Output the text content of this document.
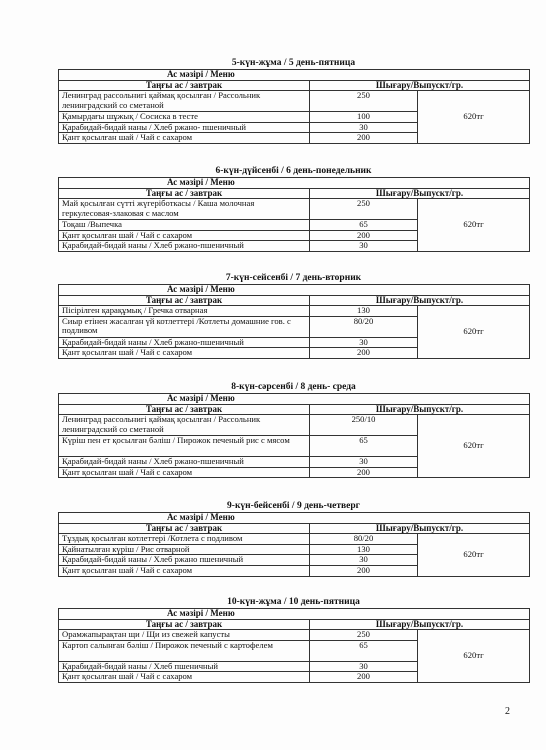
5-күн-жұма / 5 день-пятница
Ас мәзірі / Меню		
Таңғы ас / завтрак	Шығару/Выпускт/гр.	
Ленинград рассольнигі қаймақ қосылған / Рассольник ленинградский со сметаной	250	620тг
Қамырдағы шұжық / Сосиска в тесте	100	
Қарабидай-бидай наны / Хлеб ржано- пшеничный	30	
Қант қосылған шай / Чай с сахаром	200	
6-күн-дүйсенбі / 6 день-понедельник
Ас мәзірі / Меню		
Таңғы ас / завтрак	Шығару/Выпускт/гр.	
Май қосылған сүтті жүгеріботкасы / Каша молочная геркулесовая-злаковая с маслом	250	620тг
Тоқаш /Выпечка	65	
Қант қосылған шай / Чай с сахаром	200	
Қарабидай-бидай наны / Хлеб ржано-пшеничный	30	
7-күн-сейсенбі / 7 день-вторник
Ас мәзірі / Меню		
Таңғы ас / завтрак	Шығару/Выпускт/гр.	
Пісірілген қарақұмық / Гречка отварная	130	620тг
Сиыр етінен жасалған үй котлеттері /Котлеты домашние гов. с подливом	80/20	
Қарабидай-бидай наны / Хлеб ржано-пшеничный	30	
Қант қосылған шай / Чай с сахаром	200	
8-күн-сәрсенбі / 8 день- среда
Ас мәзірі / Меню		
Таңғы ас / завтрак	Шығару/Выпускт/гр.	
Ленинград рассольнигі қаймақ қосылған / Рассольник ленинградский со сметаной	250/10	620тг
Күріш пен ет қосылған бәліш / Пирожок печеный рис с мясом	65	
Қарабидай-бидай наны / Хлеб ржано-пшеничный	30	
Қант қосылған шай / Чай с сахаром	200	
9-күн-бейсенбі / 9 день-четверг
Ас мәзірі / Меню		
Таңғы ас / завтрак	Шығару/Выпускт/гр.	
Тұздық қосылған котлеттері /Котлета с подливом	80/20	620тг
Қайнатылған күріш / Рис отварной	130	
Қарабидай-бидай наны / Хлеб ржано пшеничный	30	
Қант қосылған шай / Чай с сахаром	200	
10-күн-жұма / 10 день-пятница
Ас мәзірі / Меню		
Таңғы ас / завтрак	Шығару/Выпускт/гр.	
Орамжапырақтан щи / Щи из свежей капусты	250	620тг
Картоп салынған бәліш / Пирожок печеный с картофелем	65	
Қарабидай-бидай наны / Хлеб пшеничный	30	
Қант қосылған шай / Чай с сахаром	200	
2
